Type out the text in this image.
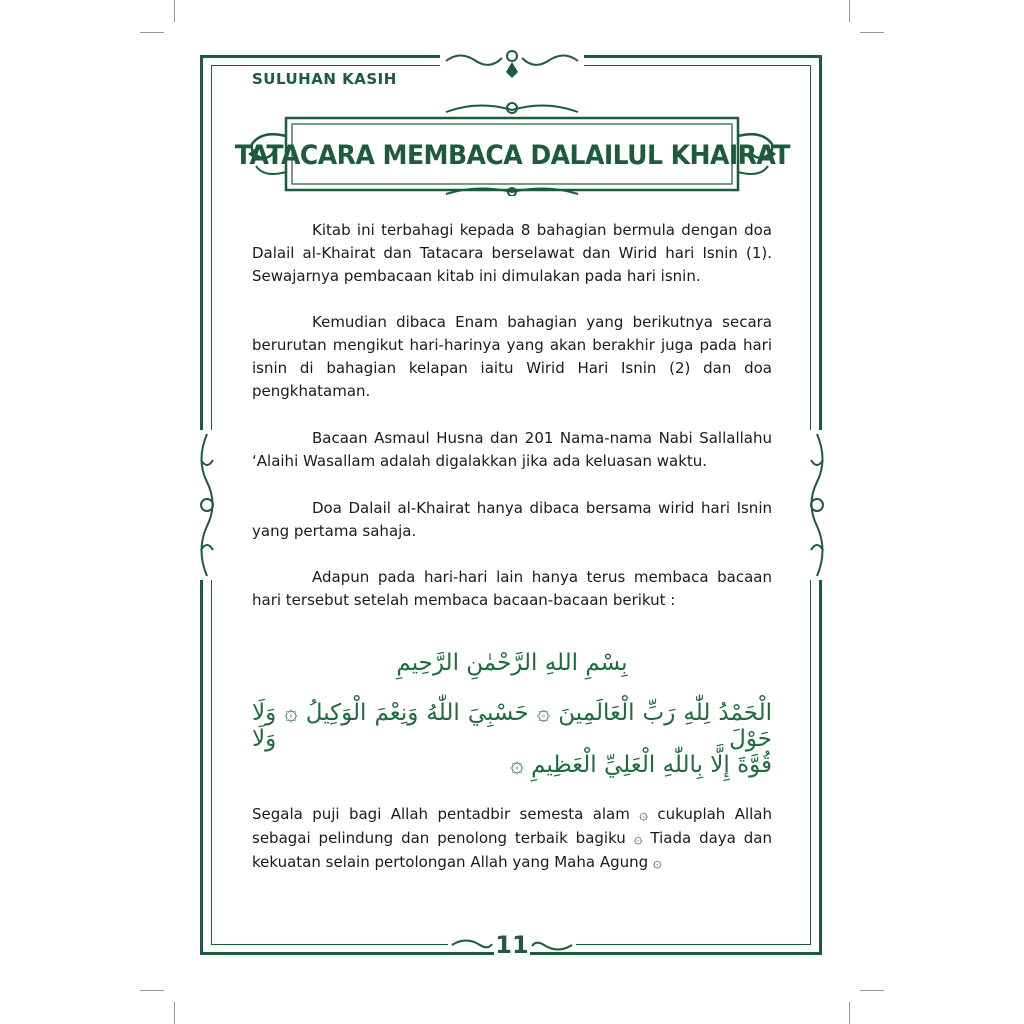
SULUHAN KASIH
TATACARA MEMBACA DALAILUL KHAIRAT

Kitab ini terbahagi kepada 8 bahagian bermula dengan doa Dalail al-Khairat dan Tatacara berselawat dan Wirid hari Isnin (1). Sewajarnya pembacaan kitab ini dimulakan pada hari isnin.

Kemudian dibaca Enam bahagian yang berikutnya secara berurutan mengikut hari-harinya yang akan berakhir juga pada hari isnin di bahagian kelapan iaitu Wirid Hari Isnin (2) dan doa pengkhataman.

Bacaan Asmaul Husna dan 201 Nama-nama Nabi Sallallahu ‘Alaihi Wasallam adalah digalakkan jika ada keluasan waktu.

Doa Dalail al-Khairat hanya dibaca bersama wirid hari Isnin yang pertama sahaja.

Adapun pada hari-hari lain hanya terus membaca bacaan hari tersebut setelah membaca bacaan-bacaan berikut :

بِسْمِ اللهِ الرَّحْمٰنِ الرَّحِيمِ
الْحَمْدُ لِلّٰهِ رَبِّ الْعَالَمِينَ ۞ حَسْبِيَ اللّٰهُ وَنِعْمَ الْوَكِيلُ ۞ وَلَا حَوْلَ وَلَا
قُوَّةَ إِلَّا بِاللّٰهِ الْعَلِيِّ الْعَظِيمِ ۞

Segala puji bagi Allah pentadbir semesta alam ۞ cukuplah Allah sebagai pelindung dan penolong terbaik bagiku ۞ Tiada daya dan kekuatan selain pertolongan Allah yang Maha Agung ۞

11
